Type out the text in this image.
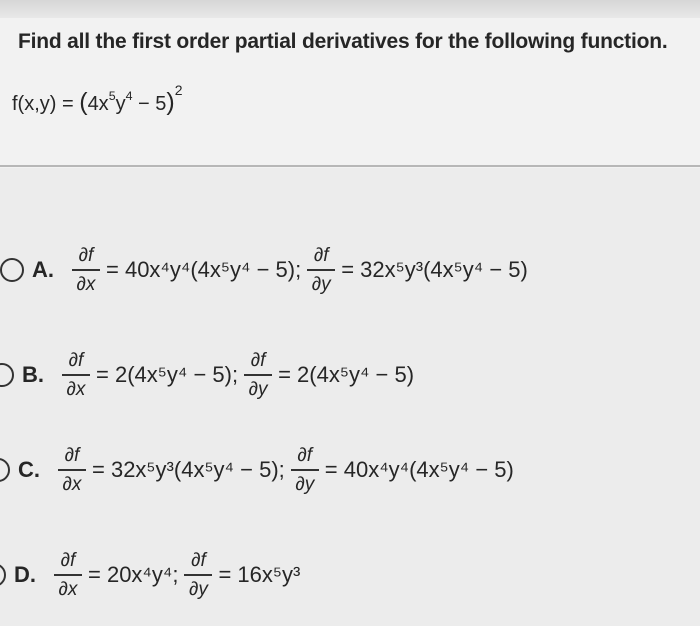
Find all the first order partial derivatives for the following function.
$f(x,y) = (4x^5y^4 - 5)^2$
A. $\frac{\partial f}{\partial x} = 40x^4y^4(4x^5y^4 - 5)$; $\frac{\partial f}{\partial y} = 32x^5y^3(4x^5y^4 - 5)$
B. $\frac{\partial f}{\partial x} = 2(4x^5y^4 - 5)$; $\frac{\partial f}{\partial y} = 2(4x^5y^4 - 5)$
C. $\frac{\partial f}{\partial x} = 32x^5y^3(4x^5y^4 - 5)$; $\frac{\partial f}{\partial y} = 40x^4y^4(4x^5y^4 - 5)$
D. $\frac{\partial f}{\partial x} = 20x^4y^4$; $\frac{\partial f}{\partial y} = 16x^5y^3$
